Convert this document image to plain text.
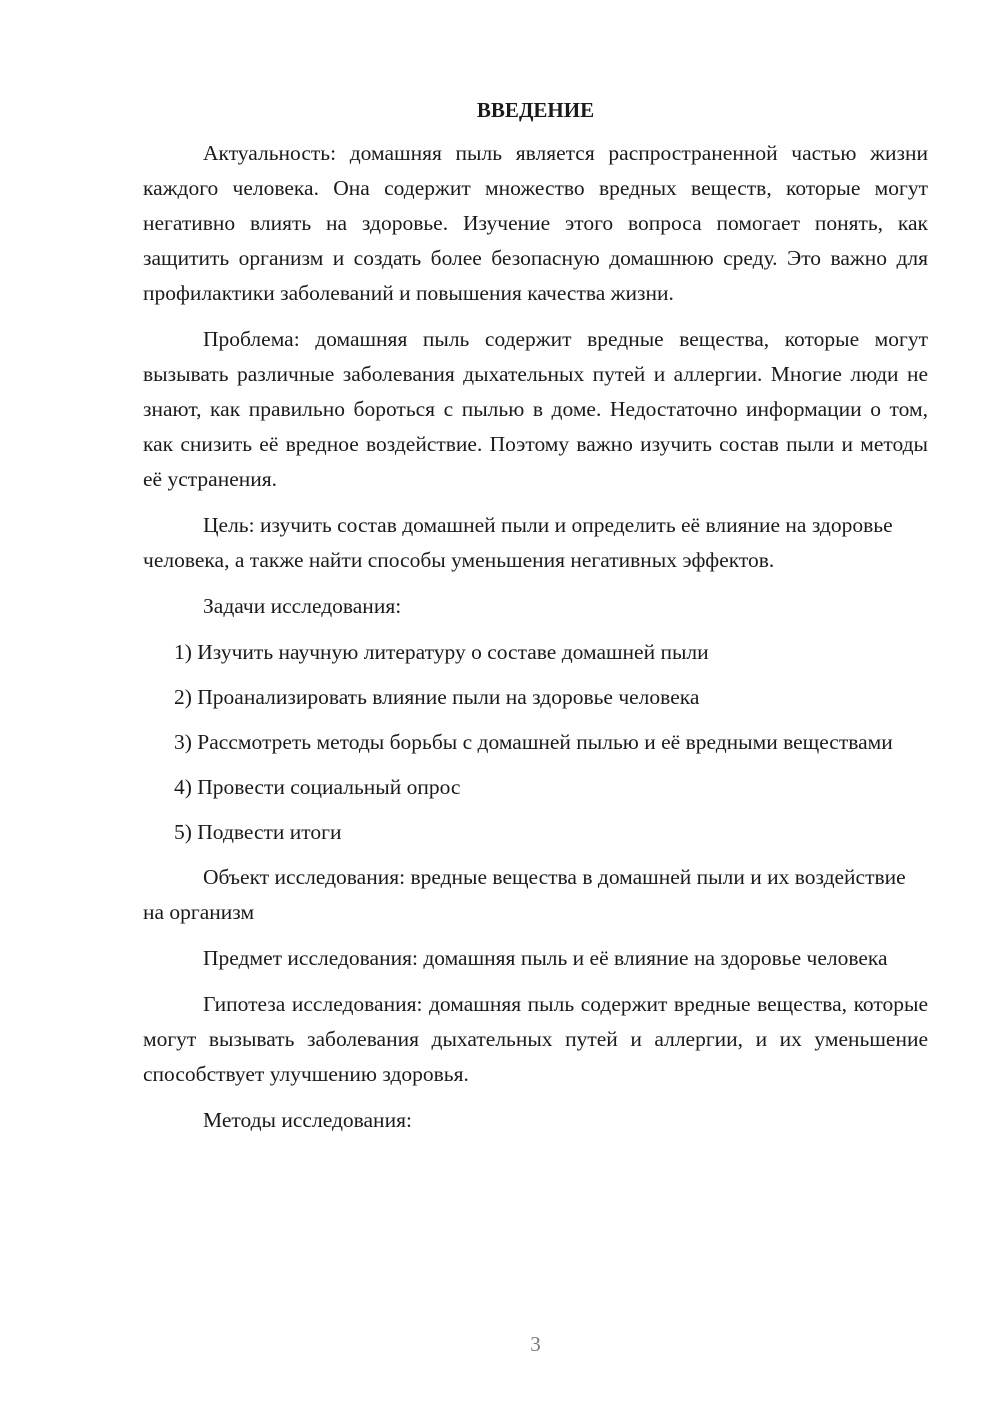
ВВЕДЕНИЕ

Актуальность: домашняя пыль является распространенной частью жизни каждого человека. Она содержит множество вредных веществ, которые могут негативно влиять на здоровье. Изучение этого вопроса помогает понять, как защитить организм и создать более безопасную домашнюю среду. Это важно для профилактики заболеваний и повышения качества жизни.

Проблема: домашняя пыль содержит вредные вещества, которые могут вызывать различные заболевания дыхательных путей и аллергии. Многие люди не знают, как правильно бороться с пылью в доме. Недостаточно информации о том, как снизить её вредное воздействие. Поэтому важно изучить состав пыли и методы её устранения.

Цель: изучить состав домашней пыли и определить её влияние на здоровье человека, а также найти способы уменьшения негативных эффектов.

Задачи исследования:

1) Изучить научную литературу о составе домашней пыли

2) Проанализировать влияние пыли на здоровье человека

3) Рассмотреть методы борьбы с домашней пылью и её вредными веществами

4) Провести социальный опрос

5) Подвести итоги

Объект исследования: вредные вещества в домашней пыли и их воздействие на организм

Предмет исследования: домашняя пыль и её влияние на здоровье человека

Гипотеза исследования: домашняя пыль содержит вредные вещества, которые могут вызывать заболевания дыхательных путей и аллергии, и их уменьшение способствует улучшению здоровья.

Методы исследования:

3
